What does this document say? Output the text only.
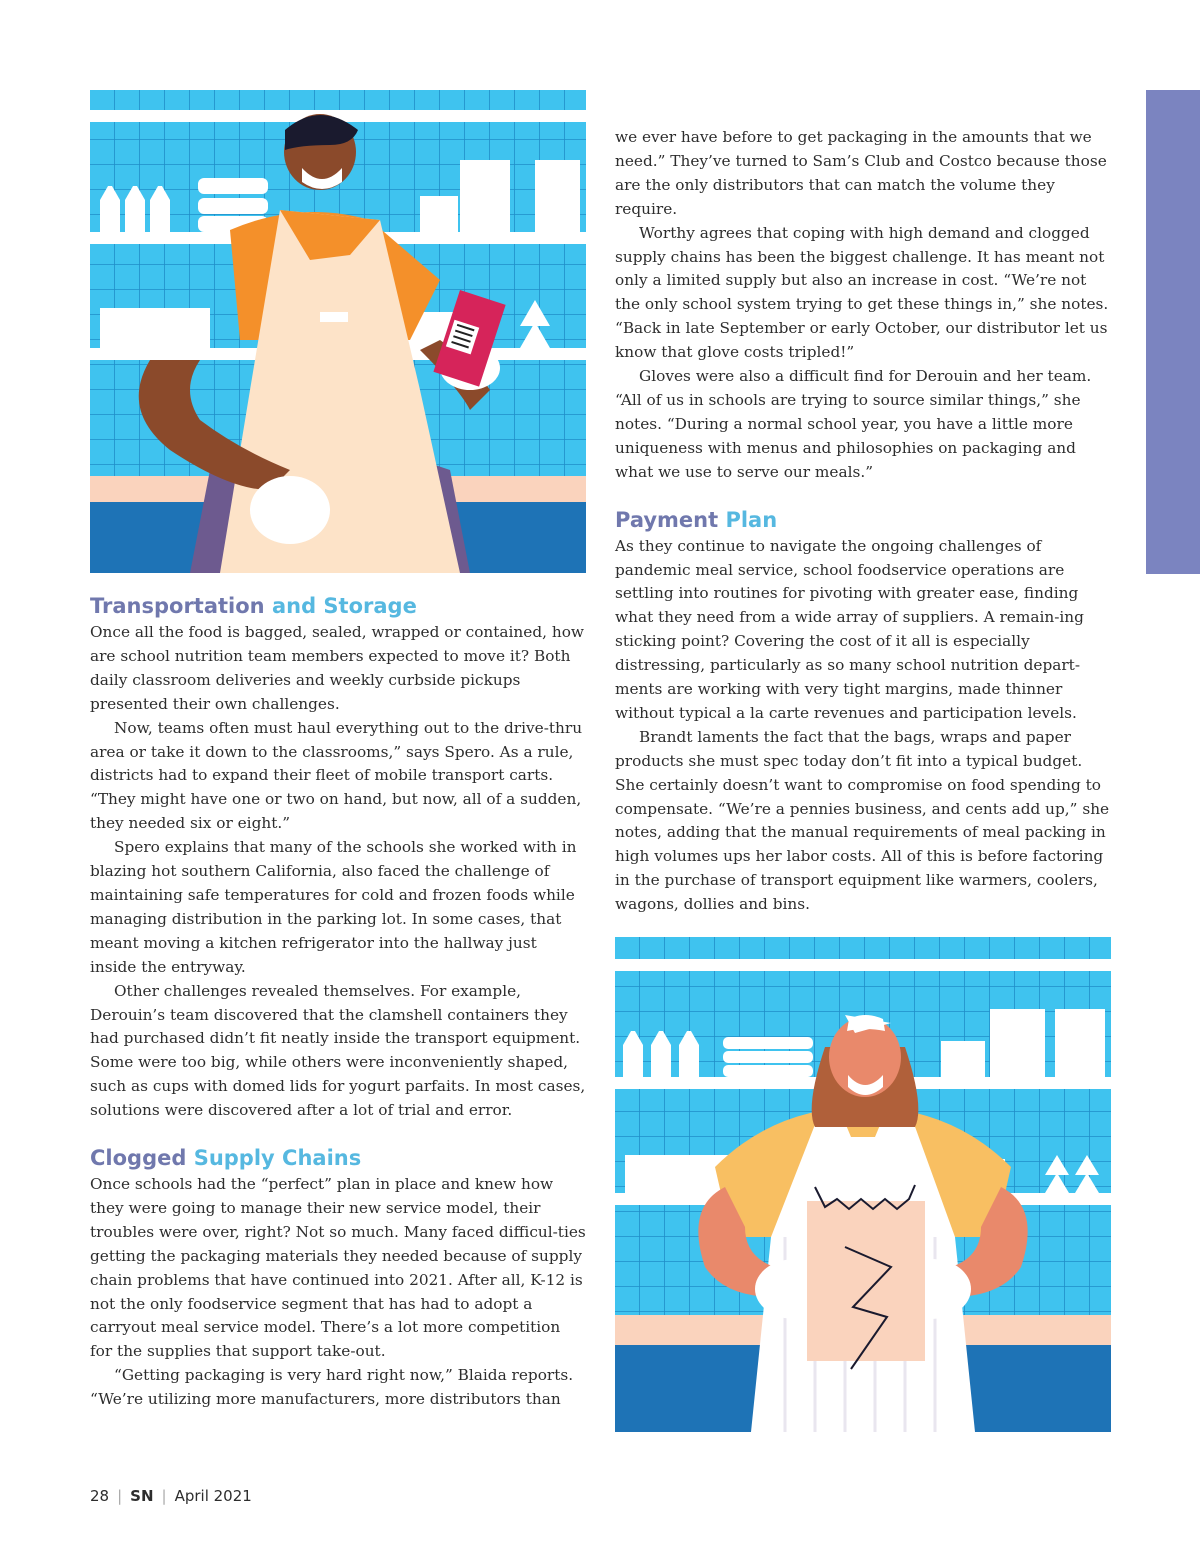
Transportation and Storage

Once all the food is bagged, sealed, wrapped or contained, how are school nutrition team members expected to move it? Both daily classroom deliveries and weekly curbside pickups presented their own challenges.

Now, teams often must haul everything out to the drive-thru area or take it down to the classrooms,” says Spero. As a rule, districts had to expand their fleet of mobile transport carts. “They might have one or two on hand, but now, all of a sudden, they needed six or eight.”

Spero explains that many of the schools she worked with in blazing hot southern California, also faced the challenge of maintaining safe temperatures for cold and frozen foods while managing distribution in the parking lot. In some cases, that meant moving a kitchen refrigerator into the hallway just inside the entryway.

Other challenges revealed themselves. For example, Derouin’s team discovered that the clamshell containers they had purchased didn’t fit neatly inside the transport equipment. Some were too big, while others were inconveniently shaped, such as cups with domed lids for yogurt parfaits. In most cases, solutions were discovered after a lot of trial and error.

Clogged Supply Chains

Once schools had the “perfect” plan in place and knew how they were going to manage their new service model, their troubles were over, right? Not so much. Many faced difficul-ties getting the packaging materials they needed because of supply chain problems that have continued into 2021. After all, K-12 is not the only foodservice segment that has had to adopt a carryout meal service model. There’s a lot more competition for the supplies that support take-out.

“Getting packaging is very hard right now,” Blaida reports. “We’re utilizing more manufacturers, more distributors than

we ever have before to get packaging in the amounts that we need.” They’ve turned to Sam’s Club and Costco because those are the only distributors that can match the volume they require.

Worthy agrees that coping with high demand and clogged supply chains has been the biggest challenge. It has meant not only a limited supply but also an increase in cost. “We’re not the only school system trying to get these things in,” she notes. “Back in late September or early October, our distributor let us know that glove costs tripled!”

Gloves were also a difficult find for Derouin and her team. “All of us in schools are trying to source similar things,” she notes. “During a normal school year, you have a little more uniqueness with menus and philosophies on packaging and what we use to serve our meals.”

Payment Plan

As they continue to navigate the ongoing challenges of pandemic meal service, school foodservice operations are settling into routines for pivoting with greater ease, finding what they need from a wide array of suppliers. A remain-ing sticking point? Covering the cost of it all is especially distressing, particularly as so many school nutrition depart-ments are working with very tight margins, made thinner without typical a la carte revenues and participation levels.

Brandt laments the fact that the bags, wraps and paper products she must spec today don’t fit into a typical budget. She certainly doesn’t want to compromise on food spending to compensate. “We’re a pennies business, and cents add up,” she notes, adding that the manual requirements of meal packing in high volumes ups her labor costs. All of this is before factoring in the purchase of transport equipment like warmers, coolers, wagons, dollies and bins.

28 | SN | April 2021
